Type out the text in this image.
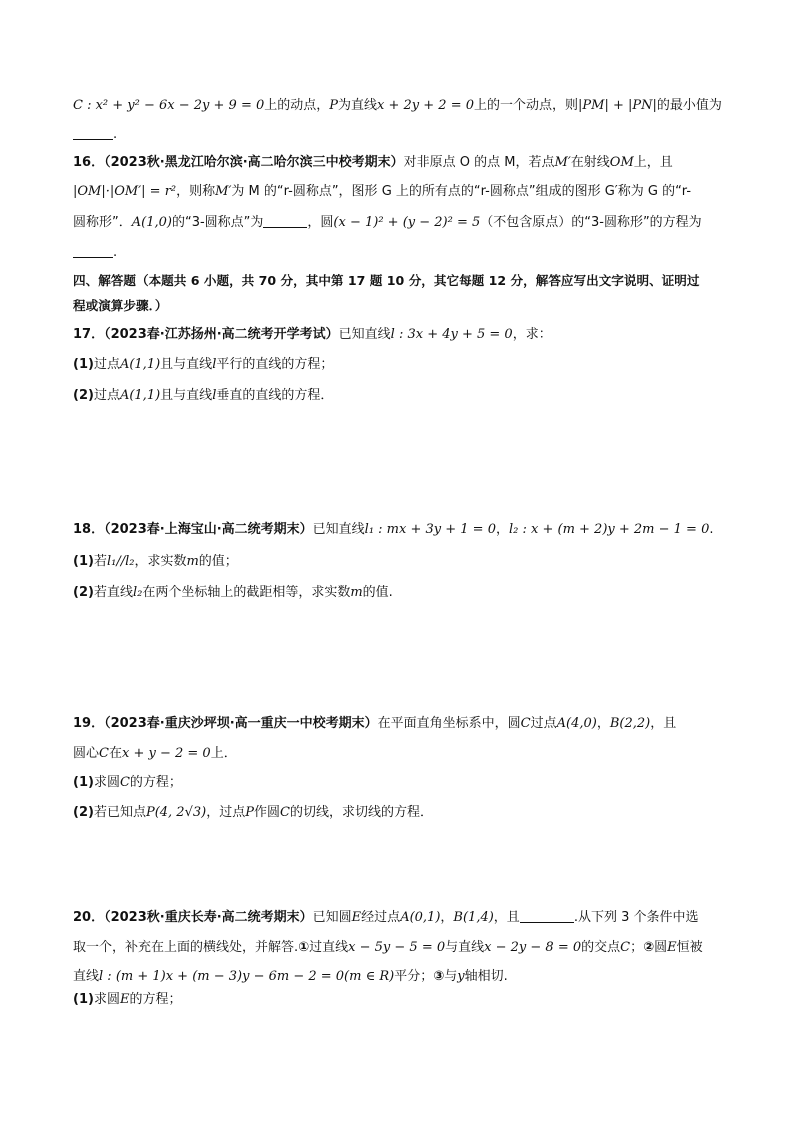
C : x² + y² − 6x − 2y + 9 = 0上的动点，P为直线x + 2y + 2 = 0上的一个动点，则|PM| + |PN|的最小值为
.
16．（2023秋·黑龙江哈尔滨·高二哈尔滨三中校考期末）对非原点 O 的点 M，若点M′在射线OM上，且
|OM|·|OM′| = r²，则称M′为 M 的“r-圆称点”，图形 G 上的所有点的“r-圆称点”组成的图形 G′称为 G 的“r-
圆称形”．A(1,0)的“3-圆称点”为	，圆(x − 1)² + (y − 2)² = 5（不包含原点）的“3-圆称形”的方程为
.
四、解答题（本题共 6 小题，共 70 分，其中第 17 题 10 分，其它每题 12 分，解答应写出文字说明、证明过
程或演算步骤．）
17．（2023春·江苏扬州·高二统考开学考试）已知直线l : 3x + 4y + 5 = 0，求：
(1)过点A(1,1)且与直线l平行的直线的方程；
(2)过点A(1,1)且与直线l垂直的直线的方程．
18．（2023春·上海宝山·高二统考期末）已知直线l₁ : mx + 3y + 1 = 0，l₂ : x + (m + 2)y + 2m − 1 = 0.
(1)若l₁//l₂，求实数m的值；
(2)若直线l₂在两个坐标轴上的截距相等，求实数m的值.
19．（2023春·重庆沙坪坝·高一重庆一中校考期末）在平面直角坐标系中，圆C过点A(4,0)，B(2,2)，且
圆心C在x + y − 2 = 0上．
(1)求圆C的方程；
(2)若已知点P(4, 2√3)，过点P作圆C的切线，求切线的方程．
20．（2023秋·重庆长寿·高二统考期末）已知圆E经过点A(0,1)，B(1,4)，且	.从下列 3 个条件中选
取一个，补充在上面的横线处，并解答.①过直线x − 5y − 5 = 0与直线x − 2y − 8 = 0的交点C；②圆E恒被
直线l : (m + 1)x + (m − 3)y − 6m − 2 = 0(m ∈ R)平分；③与y轴相切.
(1)求圆E的方程；
